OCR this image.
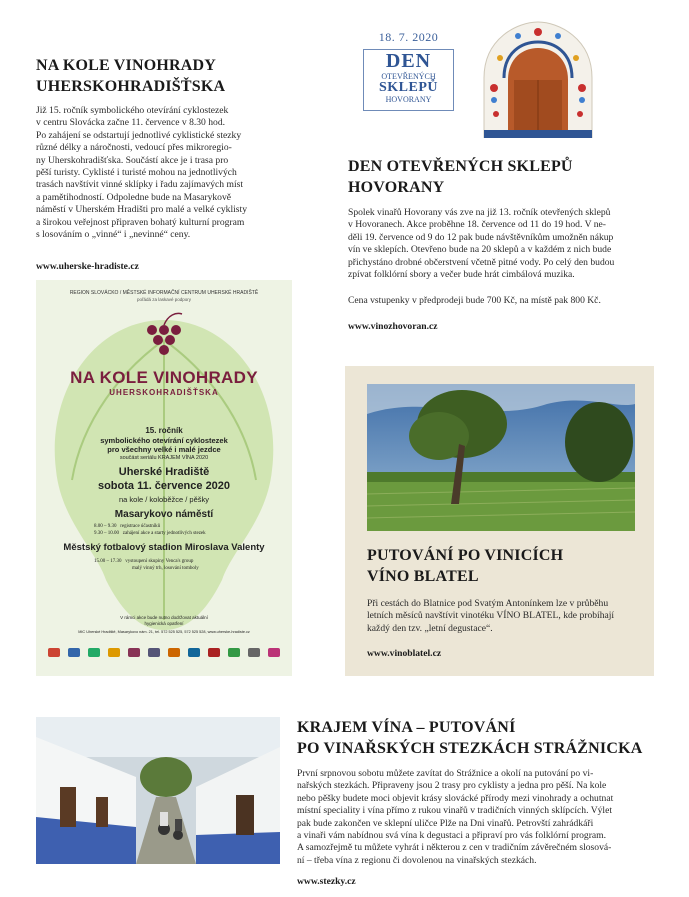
NA KOLE VINOHRADY
UHERSKOHRADIŠŤSKA

Již 15. ročník symbolického otevírání cyklostezek

v centru Slovácka začne 11. července v 8.30 hod.

Po zahájení se odstartují jednotlivé cyklistické stezky

různé délky a náročnosti, vedoucí přes mikroregio-

ny Uherskohradišťska. Součástí akce je i trasa pro

pěší turisty. Cyklisté i turisté mohou na jednotlivých

trasách navštívit vinné sklípky i řadu zajímavých míst

a pamětihodností. Odpoledne bude na Masarykově

náměstí v Uherském Hradišti pro malé a velké cyklisty

a širokou veřejnost připraven bohatý kulturní program

s losováním o „vinné“ i „nevinné“ ceny.

www.uherske-hradiste.cz
REGION SLOVÁCKO / MĚSTSKÉ INFORMAČNÍ CENTRUM UHERSKÉ HRADIŠTĚ
pořádá za laskavé podpory
NA KOLE VINOHRADY
UHERSKOHRADIŠŤSKA
15. ročník
symbolického otevírání cyklostezek
pro všechny velké i malé jezdce
součást seriálu KRAJEM VÍNA 2020
Uherské Hradiště
sobota 11. července 2020
na kole / koloběžce / pěšky
Masarykovo náměstí
8.00 – 9.30 registrace účastníků
9.30 – 10.00 zahájení akce a starty jednotlivých stezek
Městský fotbalový stadion Miroslava Valenty
15.00 – 17.30 vystoupení skupiny Venca's group
malý vinný trh, losování tomboly
V rámci akce bude nutno dodržovat aktuální
hygienická opatření
MIC Uherské Hradiště, Masarykovo nám. 21, tel. 572 525 525, 572 525 528, www.uherske-hradiste.cz
18. 7. 2020
DEN
OTEVŘENÝCH
SKLEPŮ
HOVORANY
DEN OTEVŘENÝCH SKLEPŮ
HOVORANY

Spolek vinařů Hovorany vás zve na již 13. ročník otevřených sklepů

v Hovoranech. Akce proběhne 18. července od 11 do 19 hod. V ne-

děli 19. července od 9 do 12 pak bude návštěvníkům umožněn nákup

vín ve sklepích. Otevřeno bude na 20 sklepů a v každém z nich bude

přichystáno drobné občerstvení včetně pitné vody. Po celý den budou

zpívat folklórní sbory a večer bude hrát cimbálová muzika.

Cena vstupenky v předprodeji bude 700 Kč, na místě pak 800 Kč.
www.vinozhovoran.cz
PUTOVÁNÍ PO VINICÍCH
VÍNO BLATEL

Při cestách do Blatnice pod Svatým Antonínkem lze v průběhu

letních měsíců navštívit vinotéku VÍNO BLATEL, kde probíhají

každý den tzv. „letní degustace“.

www.vinoblatel.cz
KRAJEM VÍNA – PUTOVÁNÍ
PO VINAŘSKÝCH STEZKÁCH STRÁŽNICKA

První srpnovou sobotu můžete zavítat do Strážnice a okolí na putování po vi-

nařských stezkách. Připraveny jsou 2 trasy pro cyklisty a jedna pro pěší. Na kole

nebo pěšky budete moci objevit krásy slovácké přírody mezi vinohrady a ochutnat

místní speciality i vína přímo z rukou vinařů v tradičních vinných sklípcích. Výlet

pak bude zakončen ve sklepní uličce Plže na Dni vinařů. Petrovští zahrádkáři

a vinaři vám nabídnou svá vína k degustaci a připraví pro vás folklórní program.

A samozřejmě tu můžete vyhrát i některou z cen v tradičním závěrečném slosová-

ní – třeba vína z regionu či dovolenou na vinařských stezkách.

www.stezky.cz
